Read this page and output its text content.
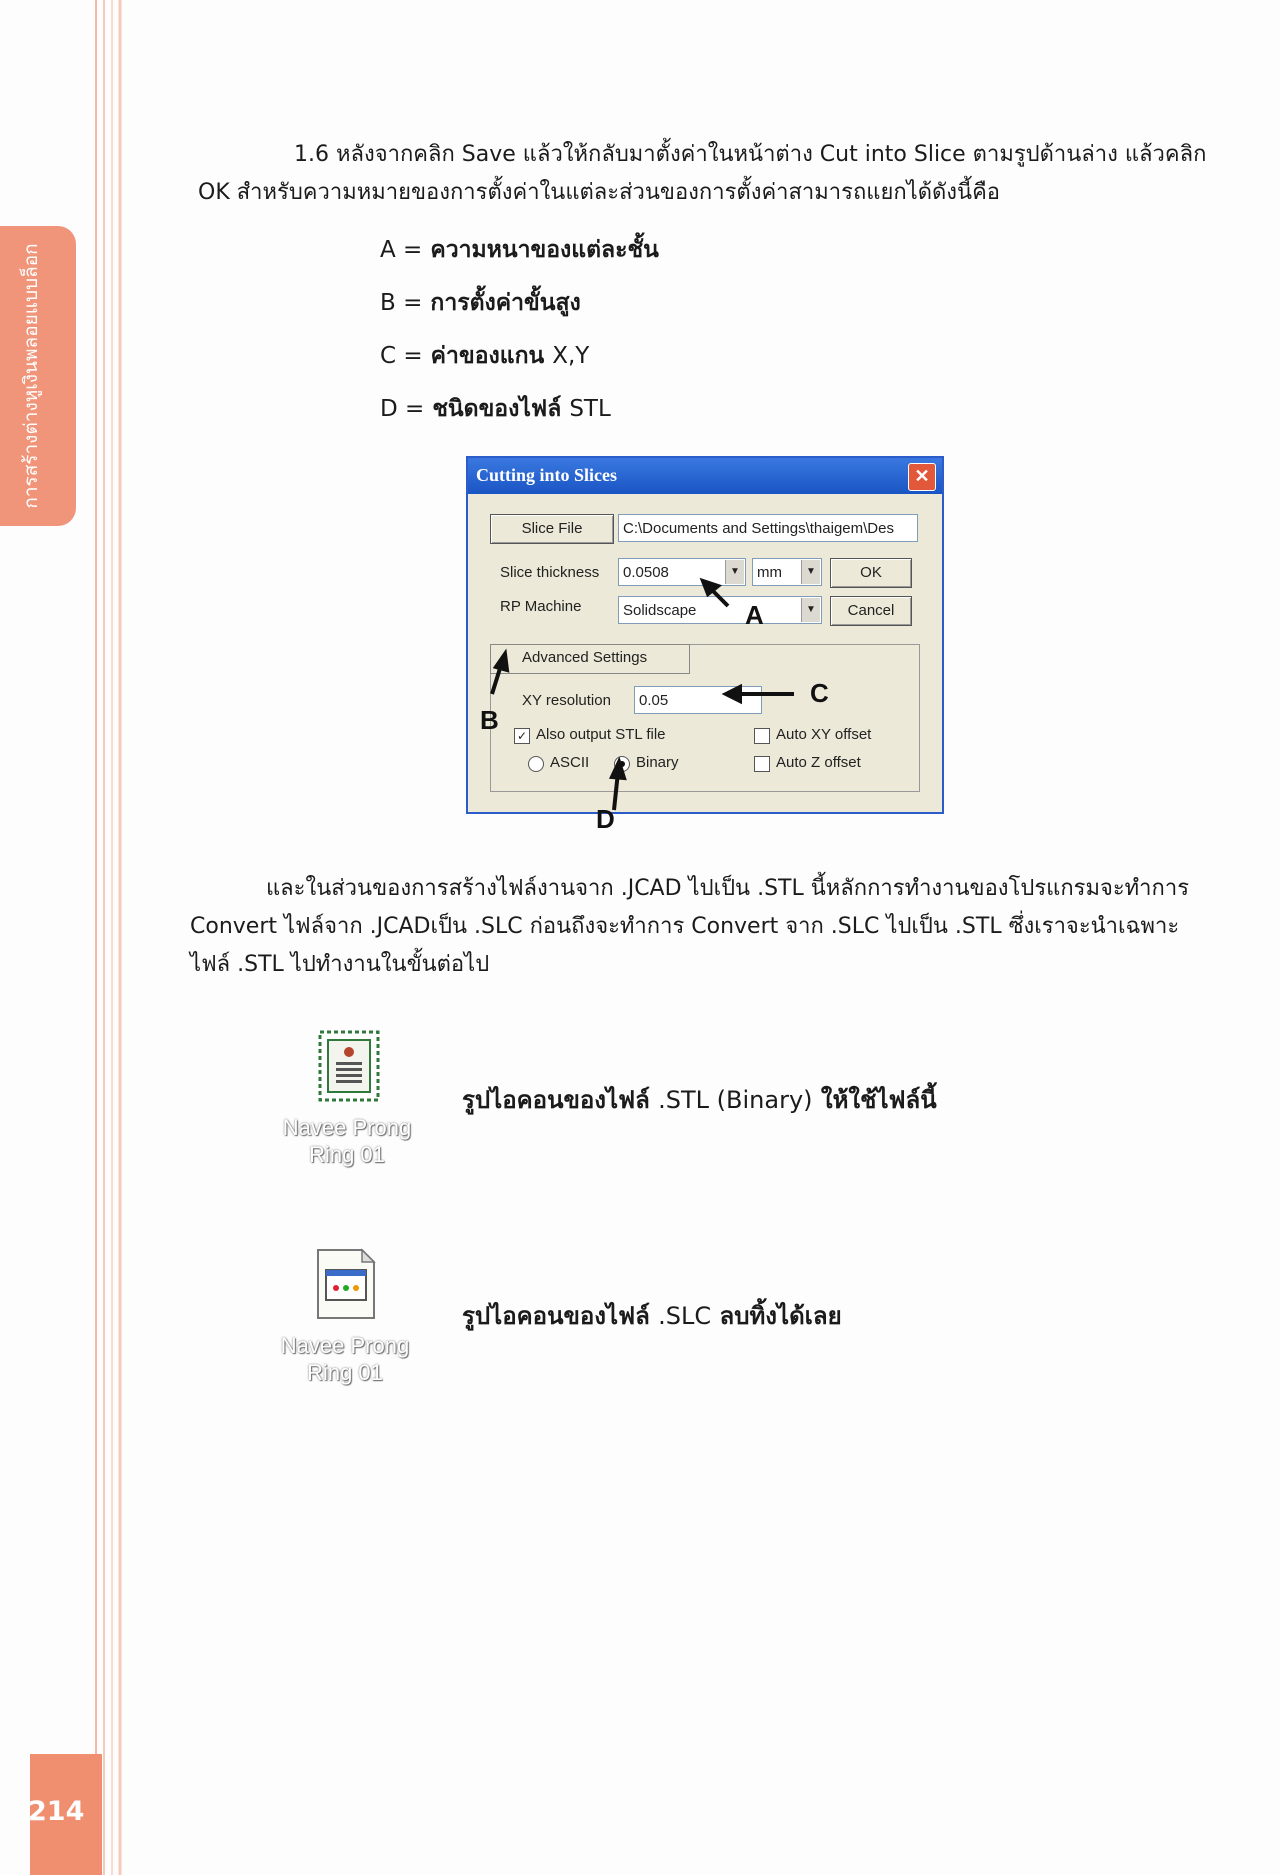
การสร้างต่างหูเงินพลอยแบบล็อก
214

1.6 หลังจากคลิก Save แล้วให้กลับมาตั้งค่าในหน้าต่าง Cut into Slice ตามรูปด้านล่าง แล้วคลิก OK สำหรับความหมายของการตั้งค่าในแต่ละส่วนของการตั้งค่าสามารถแยกได้ดังนี้คือ

A = ความหนาของแต่ละชั้น
B = การตั้งค่าขั้นสูง
C = ค่าของแกน X,Y
D = ชนิดของไฟล์ STL
Cutting into Slices	✕
Slice File	C:\Documents and Settings\thaigem\Des
Slice thickness	0.0508	▼	mm	▼	OK
RP Machine	Solidscape	▼	Cancel
Advanced Settings
XY resolution	0.05
✓ Also output STL file
ASCII	Binary
Auto XY offset
Auto Z offset
A
B
C
D

และในส่วนของการสร้างไฟล์งานจาก .JCAD ไปเป็น .STL นี้หลักการทำงานของโปรแกรมจะทำการ Convert ไฟล์จาก .JCADเป็น .SLC ก่อนถึงจะทำการ Convert จาก .SLC ไปเป็น .STL ซึ่งเราจะนำเฉพาะไฟล์ .STL ไปทำงานในขั้นต่อไป

Navee Prong
Ring 01
รูปไอคอนของไฟล์ .STL (Binary) ให้ใช้ไฟล์นี้
Navee Prong
Ring 01
รูปไอคอนของไฟล์ .SLC ลบทิ้งได้เลย
